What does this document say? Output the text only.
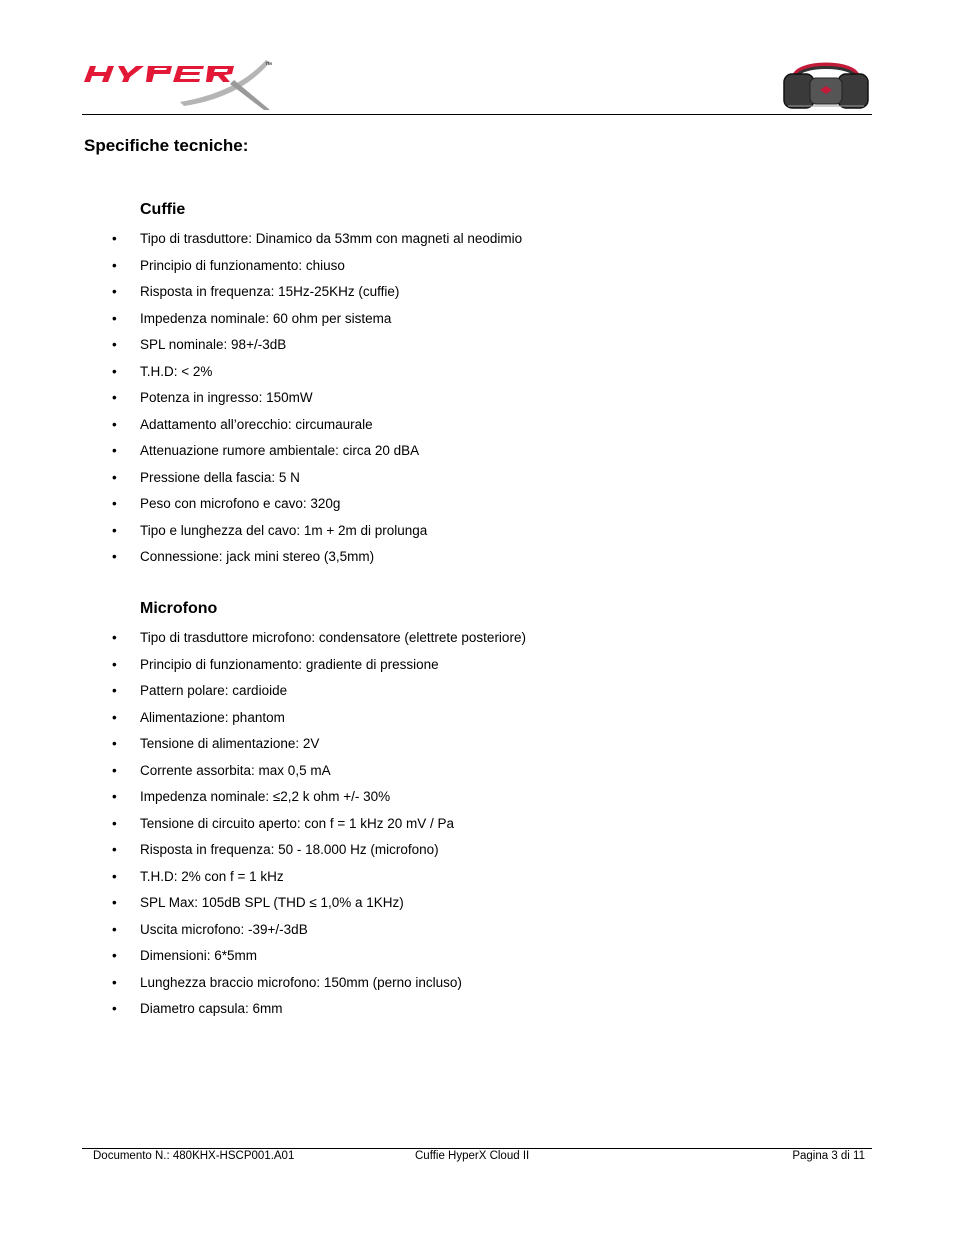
™
Specifiche tecniche:
Cuffie
• Tipo di trasduttore: Dinamico da 53mm con magneti al neodimio
• Principio di funzionamento: chiuso
• Risposta in frequenza: 15Hz-25KHz (cuffie)
• Impedenza nominale: 60 ohm per sistema
• SPL nominale: 98+/-3dB
• T.H.D: < 2%
• Potenza in ingresso: 150mW
• Adattamento all’orecchio: circumaurale
• Attenuazione rumore ambientale: circa 20 dBA
• Pressione della fascia: 5 N
• Peso con microfono e cavo: 320g
• Tipo e lunghezza del cavo: 1m + 2m di prolunga
• Connessione: jack mini stereo (3,5mm)
Microfono
• Tipo di trasduttore microfono: condensatore (elettrete posteriore)
• Principio di funzionamento: gradiente di pressione
• Pattern polare: cardioide
• Alimentazione: phantom
• Tensione di alimentazione: 2V
• Corrente assorbita: max 0,5 mA
• Impedenza nominale: ≤2,2 k ohm +/- 30%
• Tensione di circuito aperto: con f = 1 kHz 20 mV / Pa
• Risposta in frequenza: 50 - 18.000 Hz (microfono)
• T.H.D: 2% con f = 1 kHz
• SPL Max: 105dB SPL (THD ≤ 1,0% a 1KHz)
• Uscita microfono: -39+/-3dB
• Dimensioni: 6*5mm
• Lunghezza braccio microfono: 150mm (perno incluso)
• Diametro capsula: 6mm
Documento N.: 480KHX-HSCP001.A01	Cuffie HyperX Cloud II	Pagina 3 di 11
